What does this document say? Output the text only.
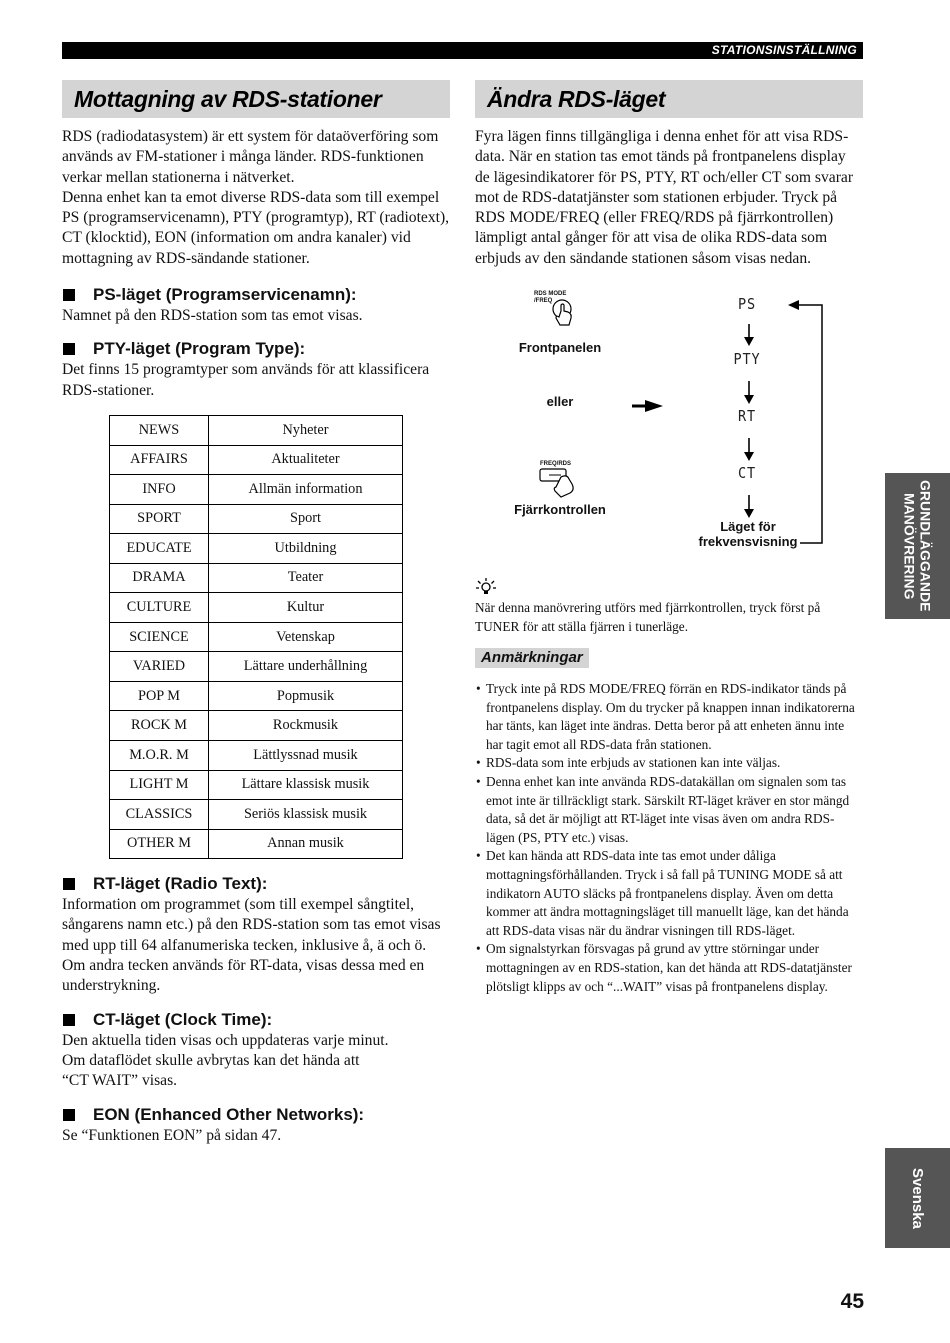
STATIONSINSTÄLLNING
Mottagning av RDS-stationer

RDS (radiodatasystem) är ett system för dataöverföring som används av FM-stationer i många länder. RDS-funktionen verkar mellan stationerna i nätverket.

Denna enhet kan ta emot diverse RDS-data som till exempel PS (programservicenamn), PTY (programtyp), RT (radiotext), CT (klocktid), EON (information om andra kanaler) vid mottagning av RDS-sändande stationer.

PS-läget (Programservicenamn):
Namnet på den RDS-station som tas emot visas.
PTY-läget (Program Type):
Det finns 15 programtyper som används för att klassificera RDS-stationer.
NEWS	Nyheter
AFFAIRS	Aktualiteter
INFO	Allmän information
SPORT	Sport
EDUCATE	Utbildning
DRAMA	Teater
CULTURE	Kultur
SCIENCE	Vetenskap
VARIED	Lättare underhållning
POP M	Popmusik
ROCK M	Rockmusik
M.O.R. M	Lättlyssnad musik
LIGHT M	Lättare klassisk musik
CLASSICS	Seriös klassisk musik
OTHER M	Annan musik
RT-läget (Radio Text):
Information om programmet (som till exempel sångtitel, sångarens namn etc.) på den RDS-station som tas emot visas med upp till 64 alfanumeriska tecken, inklusive å, ä och ö. Om andra tecken används för RT-data, visas dessa med en understrykning.
CT-läget (Clock Time):

Den aktuella tiden visas och uppdateras varje minut.

Om dataflödet skulle avbrytas kan det hända att

“CT WAIT” visas.

EON (Enhanced Other Networks):
Se “Funktionen EON” på sidan 47.
Ändra RDS-läget
Fyra lägen finns tillgängliga i denna enhet för att visa RDS-data. När en station tas emot tänds på frontpanelens display de lägesindikatorer för PS, PTY, RT och/eller CT som svarar mot de RDS-datatjänster som stationen erbjuder. Tryck på RDS MODE/FREQ (eller FREQ/RDS på fjärrkontrollen) lämpligt antal gånger för att visa de olika RDS-data som erbjuds av den sändande stationen såsom visas nedan.
RDS MODE
/FREQ
Frontpanelen
eller
FREQ/RDS
Fjärrkontrollen
PS
PTY
RT
CT
Läget för
frekvensvisning
När denna manövrering utförs med fjärrkontrollen, tryck först på TUNER för att ställa fjärren i tunerläge.
Anmärkningar
• Tryck inte på RDS MODE/FREQ förrän en RDS-indikator tänds på frontpanelens display. Om du trycker på knappen innan indikatorerna har tänts, kan läget inte ändras. Detta beror på att enheten ännu inte har tagit emot all RDS-data från stationen.
• RDS-data som inte erbjuds av stationen kan inte väljas.
• Denna enhet kan inte använda RDS-datakällan om signalen som tas emot inte är tillräckligt stark. Särskilt RT-läget kräver en stor mängd data, så det är möjligt att RT-läget inte visas även om andra RDS-lägen (PS, PTY etc.) visas.
• Det kan hända att RDS-data inte tas emot under dåliga mottagningsförhållanden. Tryck i så fall på TUNING MODE så att indikatorn AUTO släcks på frontpanelens display. Även om detta kommer att ändra mottagningsläget till manuellt läge, kan det hända att RDS-data visas när du ändrar visningen till RDS-läget.
• Om signalstyrkan försvagas på grund av yttre störningar under mottagningen av en RDS-station, kan det hända att RDS-datatjänster plötsligt klipps av och “...WAIT” visas på frontpanelens display.
GRUNDLÄGGANDE
MANÖVRERING
Svenska
45
